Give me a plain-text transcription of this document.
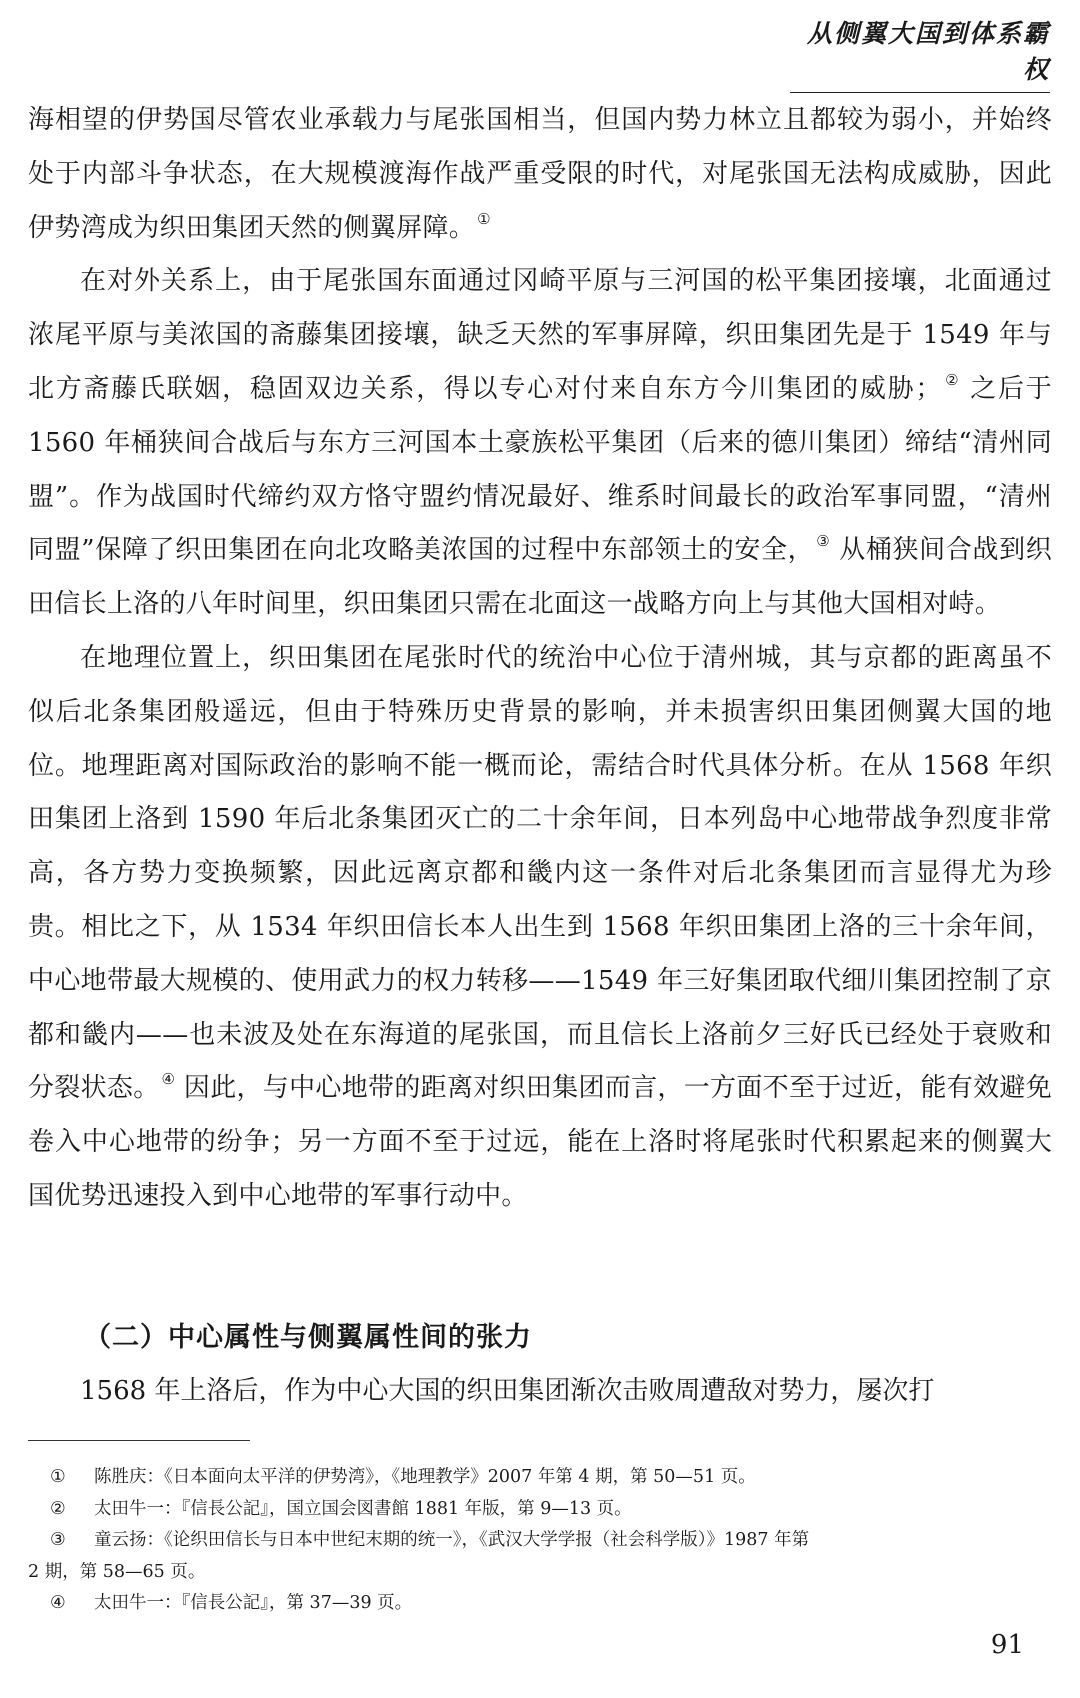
从侧翼大国到体系霸权

海相望的伊势国尽管农业承载力与尾张国相当，但国内势力林立且都较为弱小，并始终处于内部斗争状态，在大规模渡海作战严重受限的时代，对尾张国无法构成威胁，因此伊势湾成为织田集团天然的侧翼屏障。 ①

在对外关系上，由于尾张国东面通过冈崎平原与三河国的松平集团接壤，北面通过浓尾平原与美浓国的斋藤集团接壤，缺乏天然的军事屏障，织田集团先是于 1549 年与北方斋藤氏联姻，稳固双边关系，得以专心对付来自东方今川集团的威胁； ② 之后于 1560 年桶狭间合战后与东方三河国本土豪族松平集团（后来的德川集团）缔结“清州同盟”。作为战国时代缔约双方恪守盟约情况最好、维系时间最长的政治军事同盟，“清州同盟”保障了织田集团在向北攻略美浓国的过程中东部领土的安全， ③ 从桶狭间合战到织田信长上洛的八年时间里，织田集团只需在北面这一战略方向上与其他大国相对峙。

在地理位置上，织田集团在尾张时代的统治中心位于清州城，其与京都的距离虽不似后北条集团般遥远，但由于特殊历史背景的影响，并未损害织田集团侧翼大国的地位。地理距离对国际政治的影响不能一概而论，需结合时代具体分析。在从 1568 年织田集团上洛到 1590 年后北条集团灭亡的二十余年间，日本列岛中心地带战争烈度非常高，各方势力变换频繁，因此远离京都和畿内这一条件对后北条集团而言显得尤为珍贵。相比之下，从 1534 年织田信长本人出生到 1568 年织田集团上洛的三十余年间，中心地带最大规模的、使用武力的权力转移——1549 年三好集团取代细川集团控制了京都和畿内——也未波及处在东海道的尾张国，而且信长上洛前夕三好氏已经处于衰败和分裂状态。 ④ 因此，与中心地带的距离对织田集团而言，一方面不至于过近，能有效避免卷入中心地带的纷争；另一方面不至于过远，能在上洛时将尾张时代积累起来的侧翼大国优势迅速投入到中心地带的军事行动中。

（二）中心属性与侧翼属性间的张力

1568 年上洛后，作为中心大国的织田集团渐次击败周遭敌对势力，屡次打

① 陈胜庆：《日本面向太平洋的伊势湾》，《地理教学》2007 年第 4 期，第 50—51 页。

② 太田牛一：『信長公記』，国立国会図書館 1881 年版，第 9—13 页。

③ 童云扬：《论织田信长与日本中世纪末期的统一》，《武汉大学学报（社会科学版）》1987 年第

2 期，第 58—65 页。

④ 太田牛一：『信長公記』，第 37—39 页。

91
